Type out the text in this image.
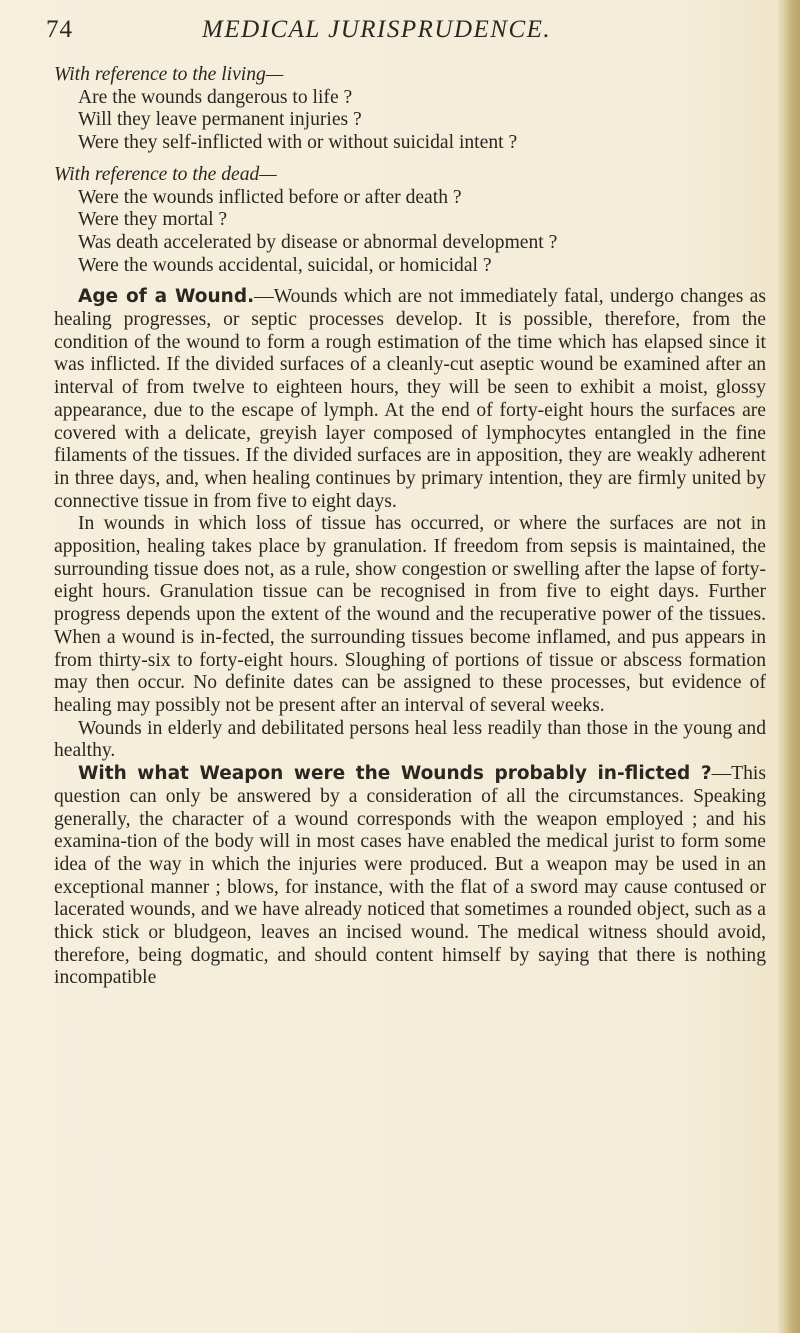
74	MEDICAL JURISPRUDENCE.

With reference to the living—

Are the wounds dangerous to life ?

Will they leave permanent injuries ?

Were they self-inflicted with or without suicidal intent ?

With reference to the dead—

Were the wounds inflicted before or after death ?

Were they mortal ?

Was death accelerated by disease or abnormal development ?

Were the wounds accidental, suicidal, or homicidal ?

Age of a Wound.—Wounds which are not immediately fatal, undergo changes as healing progresses, or septic processes develop. It is possible, therefore, from the condition of the wound to form a rough estimation of the time which has elapsed since it was inflicted. If the divided surfaces of a cleanly-cut aseptic wound be examined after an interval of from twelve to eighteen hours, they will be seen to exhibit a moist, glossy appearance, due to the escape of lymph. At the end of forty-eight hours the surfaces are covered with a delicate, greyish layer composed of lymphocytes entangled in the fine filaments of the tissues. If the divided surfaces are in apposition, they are weakly adherent in three days, and, when healing continues by primary intention, they are firmly united by connective tissue in from five to eight days.

In wounds in which loss of tissue has occurred, or where the surfaces are not in apposition, healing takes place by granulation. If freedom from sepsis is maintained, the surrounding tissue does not, as a rule, show congestion or swelling after the lapse of forty-eight hours. Granulation tissue can be recognised in from five to eight days. Further progress depends upon the extent of the wound and the recuperative power of the tissues. When a wound is in-fected, the surrounding tissues become inflamed, and pus appears in from thirty-six to forty-eight hours. Sloughing of portions of tissue or abscess formation may then occur. No definite dates can be assigned to these processes, but evidence of healing may possibly not be present after an interval of several weeks.

Wounds in elderly and debilitated persons heal less readily than those in the young and healthy.

With what Weapon were the Wounds probably in-flicted ?—This question can only be answered by a consideration of all the circumstances. Speaking generally, the character of a wound corresponds with the weapon employed ; and his examina-tion of the body will in most cases have enabled the medical jurist to form some idea of the way in which the injuries were produced. But a weapon may be used in an exceptional manner ; blows, for instance, with the flat of a sword may cause contused or lacerated wounds, and we have already noticed that sometimes a rounded object, such as a thick stick or bludgeon, leaves an incised wound. The medical witness should avoid, therefore, being dogmatic, and should content himself by saying that there is nothing incompatible
